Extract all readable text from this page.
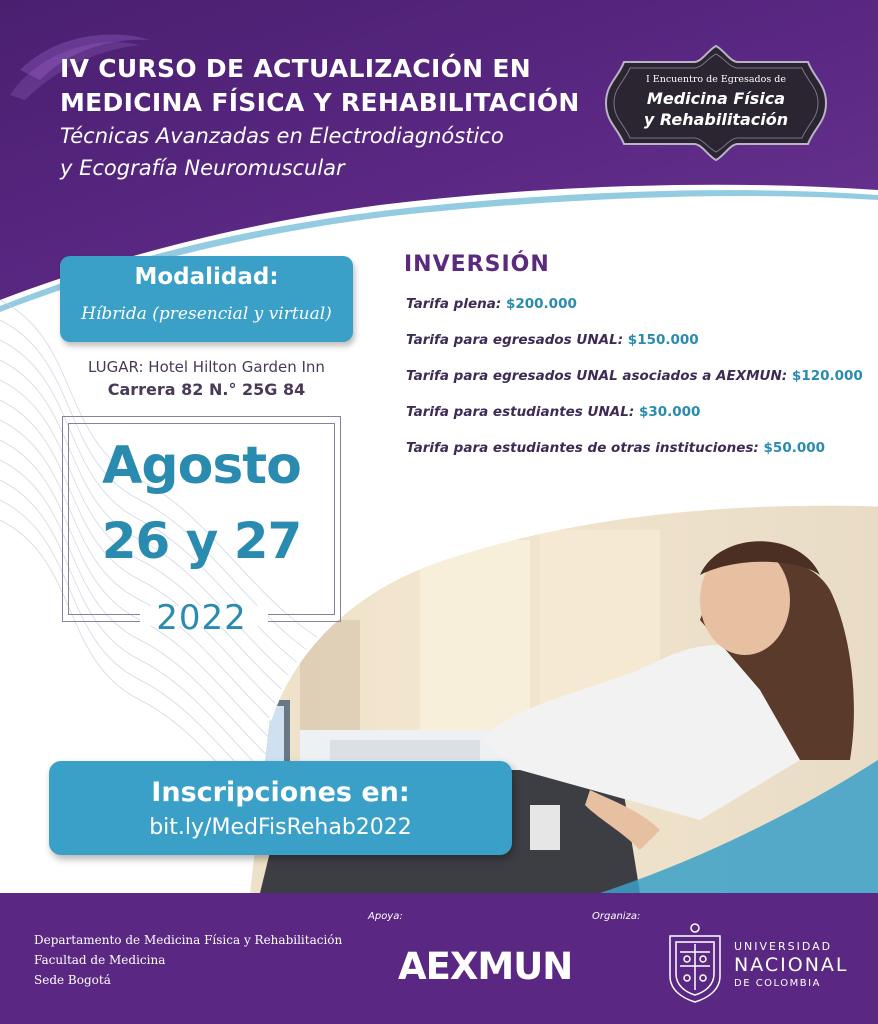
IV CURSO DE ACTUALIZACIÓN EN
MEDICINA FÍSICA Y REHABILITACIÓN
Técnicas Avanzadas en Electrodiagnóstico
y Ecografía Neuromuscular
I Encuentro de Egresados de
Medicina Física
y Rehabilitación
Modalidad:
Híbrida (presencial y virtual)
LUGAR: Hotel Hilton Garden Inn
Carrera 82 N.° 25G 84
Agosto
26 y 27
2022
INVERSIÓN
Tarifa plena: $200.000
Tarifa para egresados UNAL: $150.000
Tarifa para egresados UNAL asociados a AEXMUN: $120.000
Tarifa para estudiantes UNAL: $30.000
Tarifa para estudiantes de otras instituciones: $50.000
Inscripciones en:
bit.ly/MedFisRehab2022
Departamento de Medicina Física y Rehabilitación
Facultad de Medicina
Sede Bogotá
Apoya:
AEXMUN
Organiza:
UNIVERSIDAD
NACIONAL
DE COLOMBIA
